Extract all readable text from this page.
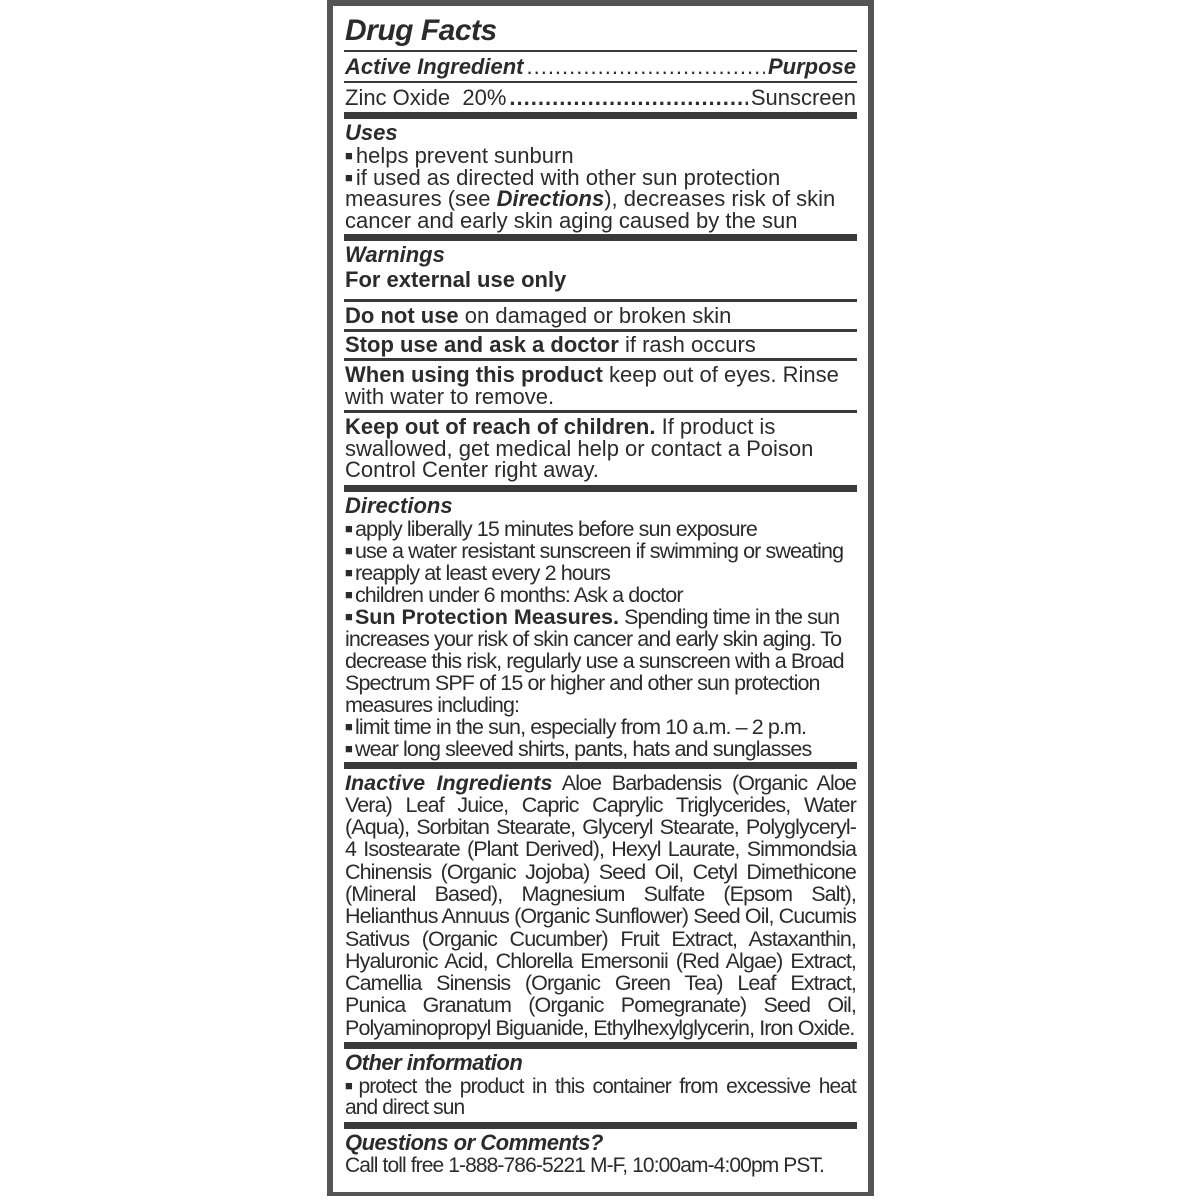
Drug Facts
Active Ingredient .....	Purpose
Zinc Oxide  20% .....	Sunscreen
Uses

■ helps prevent sunburn

■ if used as directed with other sun protection measures (see Directions), decreases risk of skin cancer and early skin aging caused by the sun

Warnings

For external use only

Do not use on damaged or broken skin
Stop use and ask a doctor if rash occurs
When using this product keep out of eyes. Rinse with water to remove.
Keep out of reach of children. If product is swallowed, get medical help or contact a Poison Control Center right away.
Directions

■ apply liberally 15 minutes before sun exposure

■ use a water resistant sunscreen if swimming or sweating

■ reapply at least every 2 hours

■ children under 6 months: Ask a doctor

■ Sun Protection Measures. Spending time in the sun increases your risk of skin cancer and early skin aging. To decrease this risk, regularly use a sunscreen with a Broad Spectrum SPF of 15 or higher and other sun protection measures including:

■ limit time in the sun, especially from 10 a.m. – 2 p.m.

■ wear long sleeved shirts, pants, hats and sunglasses

Inactive Ingredients Aloe Barbadensis (Organic Aloe Vera) Leaf Juice, Capric Caprylic Triglycerides, Water (Aqua), Sorbitan Stearate, Glyceryl Stearate, Polyglyceryl-4 Isostearate (Plant Derived), Hexyl Laurate, Simmondsia Chinensis (Organic Jojoba) Seed Oil, Cetyl Dimethicone (Mineral Based), Magnesium Sulfate (Epsom Salt), Helianthus Annuus (Organic Sunflower) Seed Oil, Cucumis Sativus (Organic Cucumber) Fruit Extract, Astaxanthin, Hyaluronic Acid, Chlorella Emersonii (Red Algae) Extract, Camellia Sinensis (Organic Green Tea) Leaf Extract, Punica Granatum (Organic Pomegranate) Seed Oil, Polyaminopropyl Biguanide, Ethylhexylglycerin, Iron Oxide.
Other information

■ protect the product in this container from excessive heat and direct sun

Questions or Comments?

Call toll free 1-888-786-5221 M-F, 10:00am-4:00pm PST.
